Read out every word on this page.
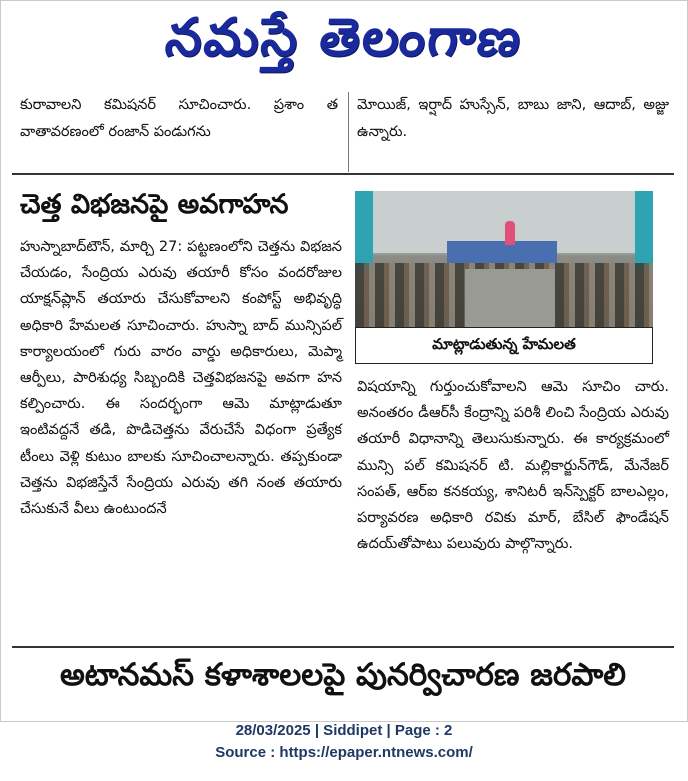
నమస్తే తెలంగాణ

కురావాలని కమిషనర్ సూచించారు. ప్రశాం త వాతావరణంలో రంజాన్ పండుగను

మోయిజ్, ఇర్షాద్ హుస్సేన్, బాబు జాని, ఆదాబ్, అజ్జు ఉన్నారు.

చెత్త విభజనపై అవగాహన

హుస్నాబాద్‌టౌన్, మార్చి 27: పట్టణంలోని చెత్తను విభజన చేయడం, సేంద్రియ ఎరువు తయారీ కోసం వందరోజుల యాక్షన్‌ప్లాన్ తయారు చేసుకోవాలని కంపోస్ట్ అభివృద్ధి అధికారి హేమలత సూచించారు. హుస్నా బాద్ మున్సిపల్ కార్యాలయంలో గురు వారం వార్డు అధికారులు, మెప్మా ఆర్పీలు, పారిశుధ్య సిబ్బందికి చెత్తవిభజనపై అవగా హన కల్పించారు. ఈ సందర్భంగా ఆమె మాట్లాడుతూ ఇంటివద్దనే తడి, పొడిచెత్తను వేరుచేసే విధంగా ప్రత్యేక టీంలు వెళ్లి కుటుం బాలకు సూచించాలన్నారు. తప్పకుండా చెత్తను విభజిస్తేనే సేంద్రియ ఎరువు తగి నంత తయారు చేసుకునే వీలు ఉంటుందనే

మాట్లాడుతున్న హేమలత

విషయాన్ని గుర్తుంచుకోవాలని ఆమె సూచిం చారు. అనంతరం డీఆర్‌సీ కేంద్రాన్ని పరిశీ లించి సేంద్రియ ఎరువు తయారీ విధానాన్ని తెలుసుకున్నారు. ఈ కార్యక్రమంలో మున్సి పల్ కమిషనర్ టి. మల్లికార్జున్‌గౌడ్, మేనేజర్ సంపత్, ఆర్‌ఐ కనకయ్య, శానిటరీ ఇన్‌స్పెక్టర్ బాలఎల్లం, పర్యావరణ అధికారి రవికు మార్, బేసిల్ ఫౌండేషన్ ఉదయ్‌తోపాటు పలువురు పాల్గొన్నారు.

అటానమస్ కళాశాలలపై పునర్విచారణ జరపాలి
28/03/2025 | Siddipet | Page : 2
Source : https://epaper.ntnews.com/
